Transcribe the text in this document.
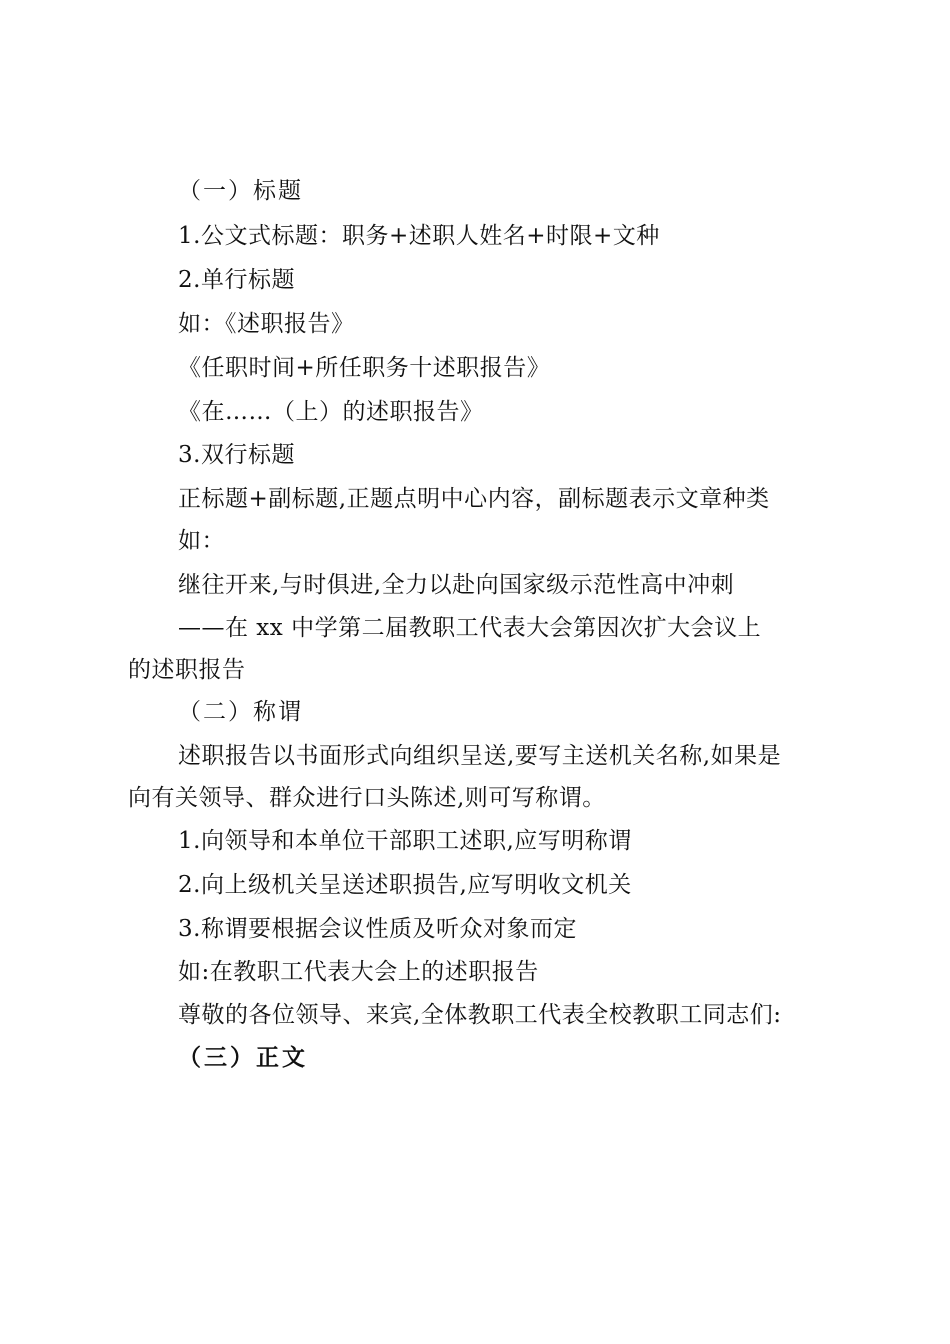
（一）标题
1.公文式标题：职务+述职人姓名+时限+文种
2.单行标题
如：《述职报告》
《任职时间+所任职务十述职报告》
《在……（上）的述职报告》
3.双行标题
正标题+副标题,正题点明中心内容，副标题表示文章种类
如：
继往开来,与时俱进,全力以赴向国家级示范性高中冲刺
——在 xx 中学第二届教职工代表大会第因次扩大会议上
的述职报告
（二）称谓
述职报告以书面形式向组织呈送,要写主送机关名称,如果是
向有关领导、群众进行口头陈述,则可写称谓。
1.向领导和本单位干部职工述职,应写明称谓
2.向上级机关呈送述职损告,应写明收文机关
3.称谓要根据会议性质及听众对象而定
如:在教职工代表大会上的述职报告
尊敬的各位领导、来宾,全体教职工代表全校教职工同志们:
（三）正文
